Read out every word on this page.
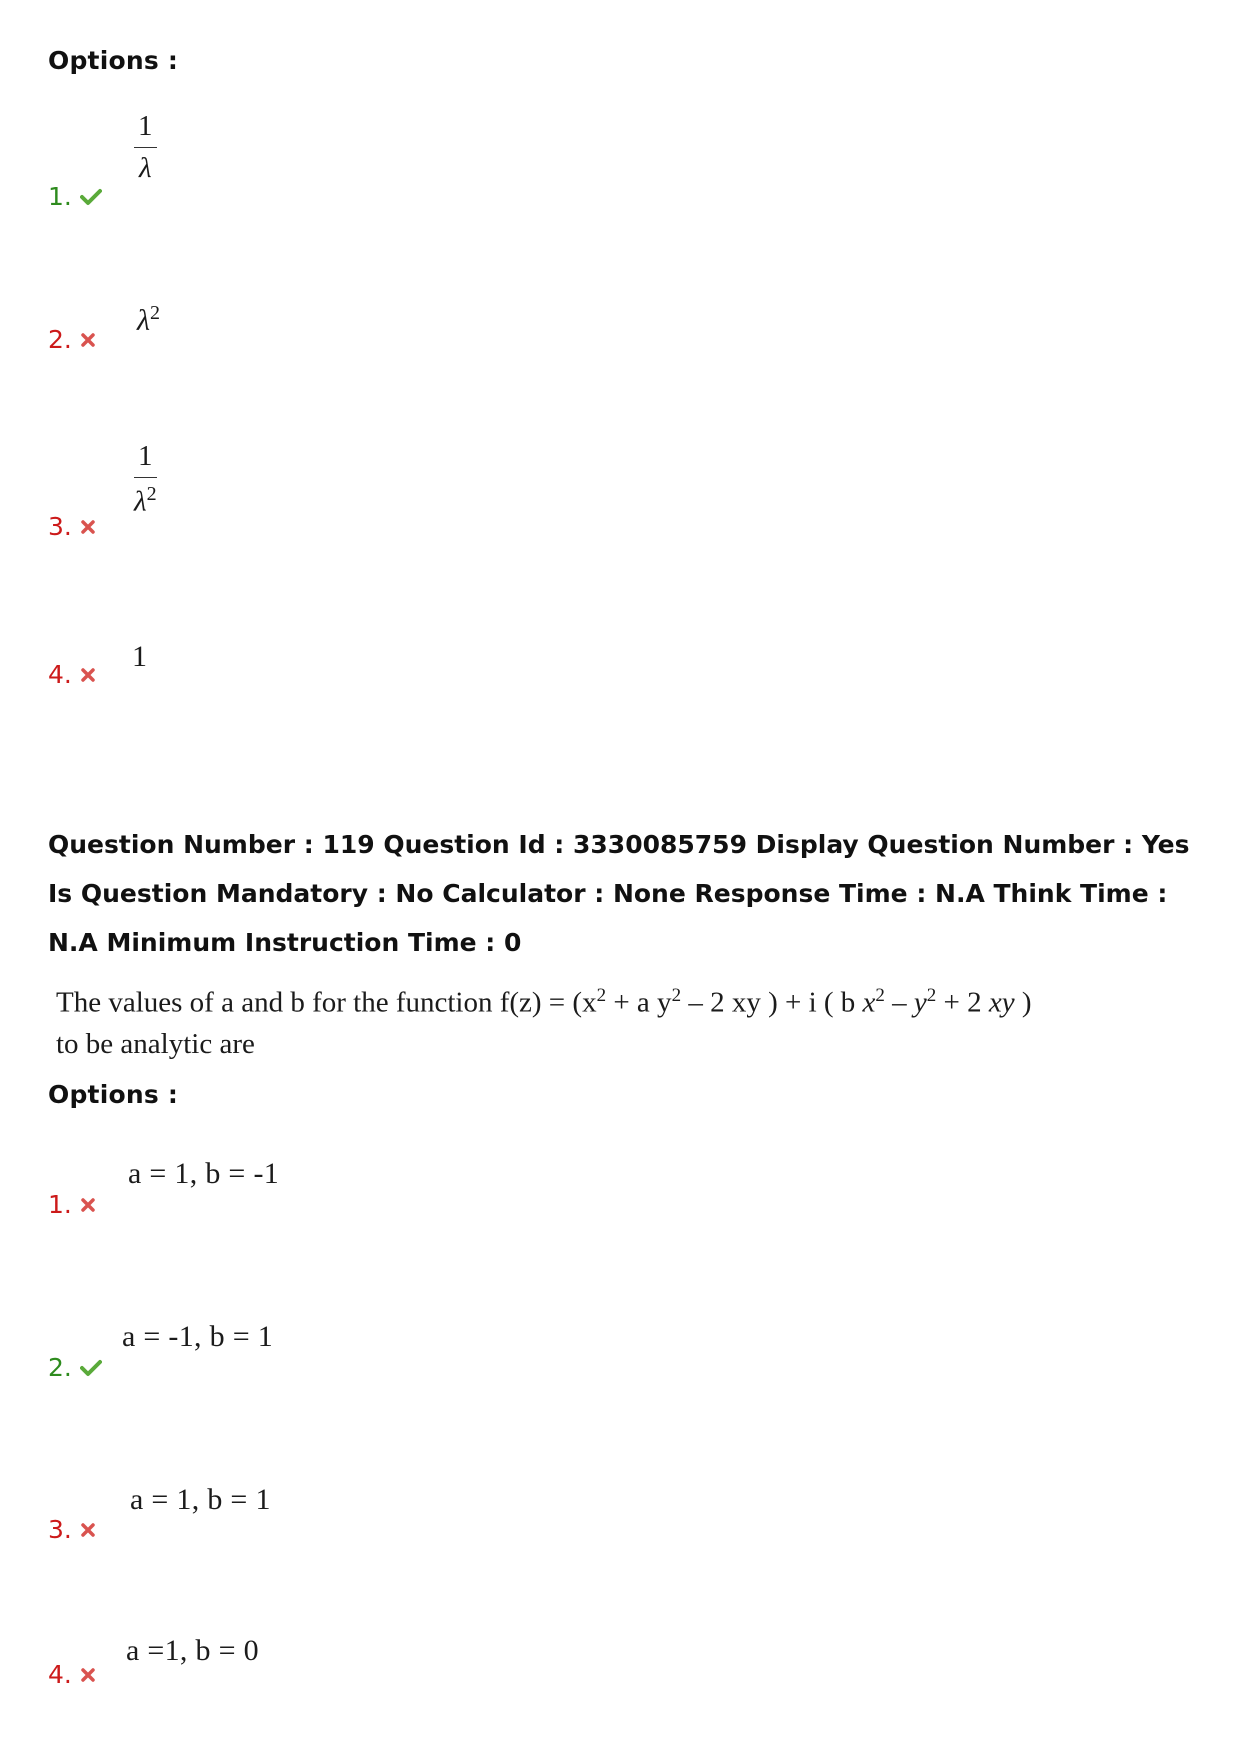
Options :
1.
$\frac{1}{\lambda}$
2.
$\lambda^2$
3.
$\frac{1}{\lambda^2}$
4.
1
Question Number : 119 Question Id : 3330085759 Display Question Number : Yes Is Question Mandatory : No Calculator : None Response Time : N.A Think Time : N.A Minimum Instruction Time : 0
The values of a and b for the function $f(z) = (x^2 + a$ $y^2 - 2$ xy ) + i ( b $x^2 - y^2 + 2$ xy )
to be analytic are
Options :
1.
a = 1, b = -1
2.
a = -1, b = 1
3.
a = 1, b = 1
4.
a =1, b = 0
